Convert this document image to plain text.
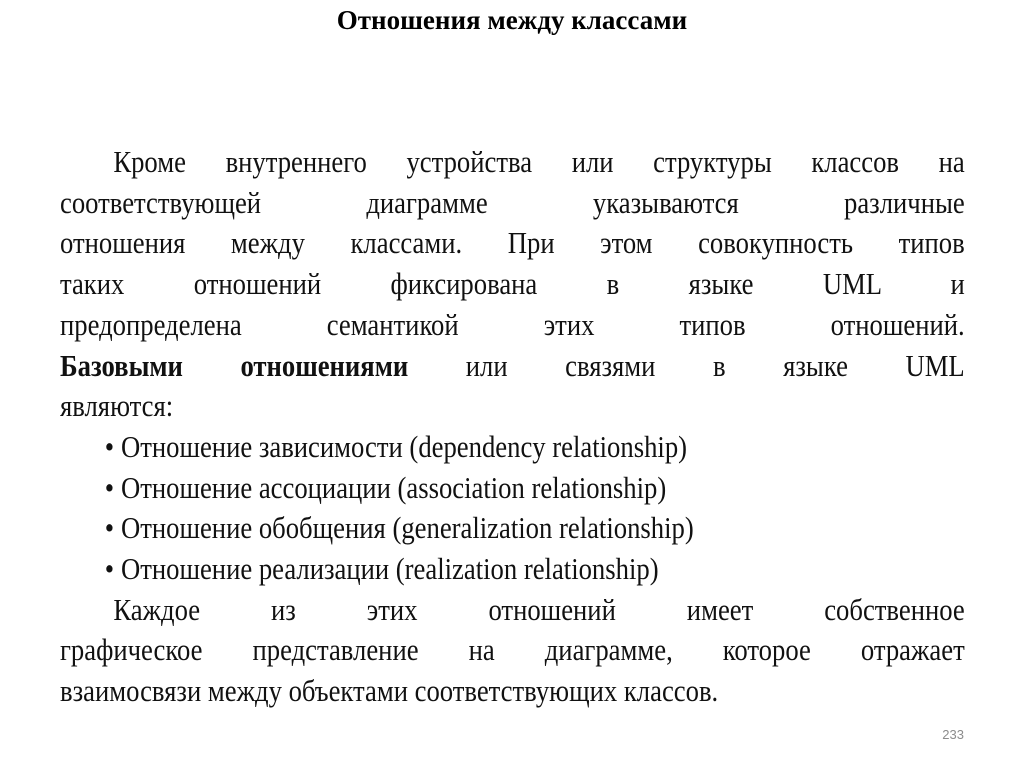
Отношения между классами
Кроме внутреннего устройства или структуры классов на
соответствующей диаграмме указываются различные
отношения между классами. При этом совокупность типов
таких отношений фиксирована в языке UML и
предопределена семантикой этих типов отношений.
Базовыми отношениями или связями в языке UML
являются:
• Отношение зависимости (dependency relationship)
• Отношение ассоциации (association relationship)
• Отношение обобщения (generalization relationship)
• Отношение реализации (realization relationship)
Каждое из этих отношений имеет собственное
графическое представление на диаграмме, которое отражает
взаимосвязи между объектами соответствующих классов.
233
